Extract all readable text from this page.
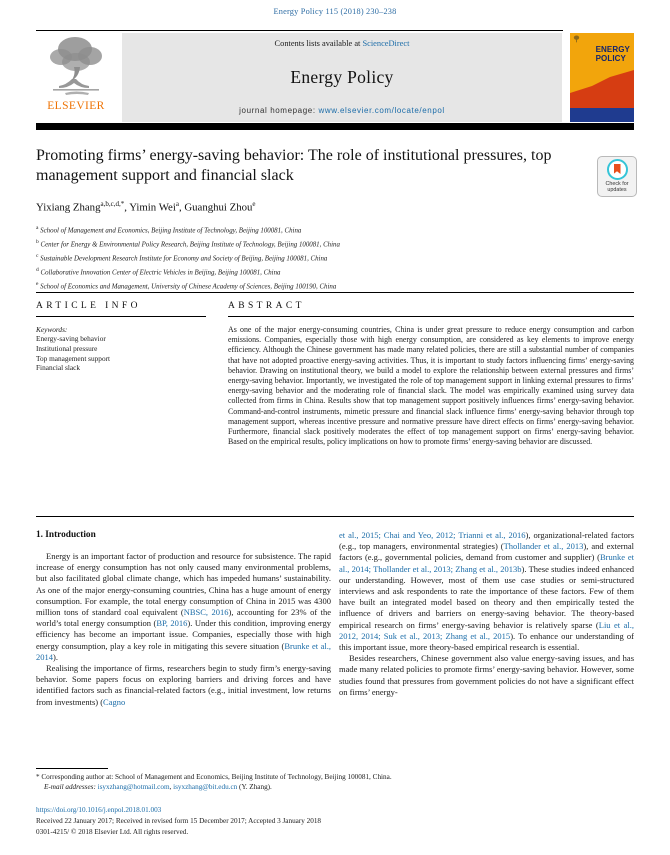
Energy Policy 115 (2018) 230–238
ELSEVIER
Contents lists available at ScienceDirect
Energy Policy
journal homepage: www.elsevier.com/locate/enpol
ENERGY
POLICY
Promoting firms’ energy-saving behavior: The role of institutional pressures, top management support and financial slack	Check for
updates
Yixiang Zhang$^{a,b,c,d,*}$, Yimin Wei$^a$, Guanghui Zhou$^e$
$^a$ School of Management and Economics, Beijing Institute of Technology, Beijing 100081, China
$^b$ Center for Energy & Environmental Policy Research, Beijing Institute of Technology, Beijing 100081, China
$^c$ Sustainable Development Research Institute for Economy and Society of Beijing, Beijing 100081, China
$^d$ Collaborative Innovation Center of Electric Vehicles in Beijing, Beijing 100081, China
$^e$ School of Economics and Management, University of Chinese Academy of Sciences, Beijing 100190, China
ARTICLE INFO
Keywords:
Energy-saving behavior
Institutional pressure
Top management support
Financial slack
ABSTRACT
As one of the major energy-consuming countries, China is under great pressure to reduce energy consumption and carbon emissions. Companies, especially those with high energy consumption, are considered as key elements to improve energy efficiency. Although the Chinese government has made many related policies, there are still a substantial number of companies that have not adopted proactive energy-saving activities. Thus, it is important to study factors influencing firms’ energy-saving behavior. Drawing on institutional theory, we build a model to explore the relationship between external pressures and firms’ energy-saving behavior. Importantly, we investigated the role of top management support in linking external pressures to firms’ energy-saving behavior and the moderating role of financial slack. The model was empirically examined using survey data collected from firms in China. Results show that top management support positively influences firms’ energy-saving behavior. Command-and-control instruments, mimetic pressure and financial slack influence firms’ energy-saving behavior through top management support, whereas incentive pressure and normative pressure have direct effects on firms’ energy-saving behavior. Furthermore, financial slack positively moderates the effect of top management support on firms’ energy-saving behavior. Based on the empirical results, policy implications on how to promote firms’ energy-saving behavior are discussed.
1. Introduction

Energy is an important factor of production and resource for subsistence. The rapid increase of energy consumption has not only caused many environmental problems, but also facilitated global climate change, which has impeded humans’ sustainability. As one of the major energy-consuming countries, China has a huge amount of energy consumption. For example, the total energy consumption of China in 2015 was 4300 million tons of standard coal equivalent (NBSC, 2016), accounting for 23% of the world’s total energy consumption (BP, 2016). Under this condition, improving energy efficiency has become an important issue. Companies, especially those with high energy consumption, play a key role in mitigating this severe situation (Brunke et al., 2014).

Realising the importance of firms, researchers begin to study firm’s energy-saving behavior. Some papers focus on exploring barriers and driving forces and have identified factors such as financial-related factors (e.g., initial investment, low returns from investments) (Cagno

et al., 2015; Chai and Yeo, 2012; Trianni et al., 2016), organizational-related factors (e.g., top managers, environmental strategies) (Thollander et al., 2013), and external factors (e.g., governmental policies, demand from customer and supplier) (Brunke et al., 2014; Thollander et al., 2013; Zhang et al., 2013b). These studies indeed enhanced our understanding. However, most of them use case studies or semi-structured interviews and ask respondents to rate the importance of these factors. Few of them have built an integrated model based on theory and then empirically tested the influence of drivers and barriers on energy-saving behavior. The theory-based empirical research on firms’ energy-saving behavior is relatively sparse (Liu et al., 2012, 2014; Suk et al., 2013; Zhang et al., 2015). To enhance our understanding of this important issue, more theory-based empirical research is essential.

Besides researchers, Chinese government also value energy-saving issues, and has made many related policies to promote firms’ energy-saving behavior. However, some studies found that pressures from government policies do not have a significant effect on firms’ energy-

* Corresponding author at: School of Management and Economics, Beijing Institute of Technology, Beijing 100081, China.
E-mail addresses: isyxzhang@hotmail.com, isyxzhang@bit.edu.cn (Y. Zhang).
https://doi.org/10.1016/j.enpol.2018.01.003
Received 22 January 2017; Received in revised form 15 December 2017; Accepted 3 January 2018
0301-4215/ © 2018 Elsevier Ltd. All rights reserved.
